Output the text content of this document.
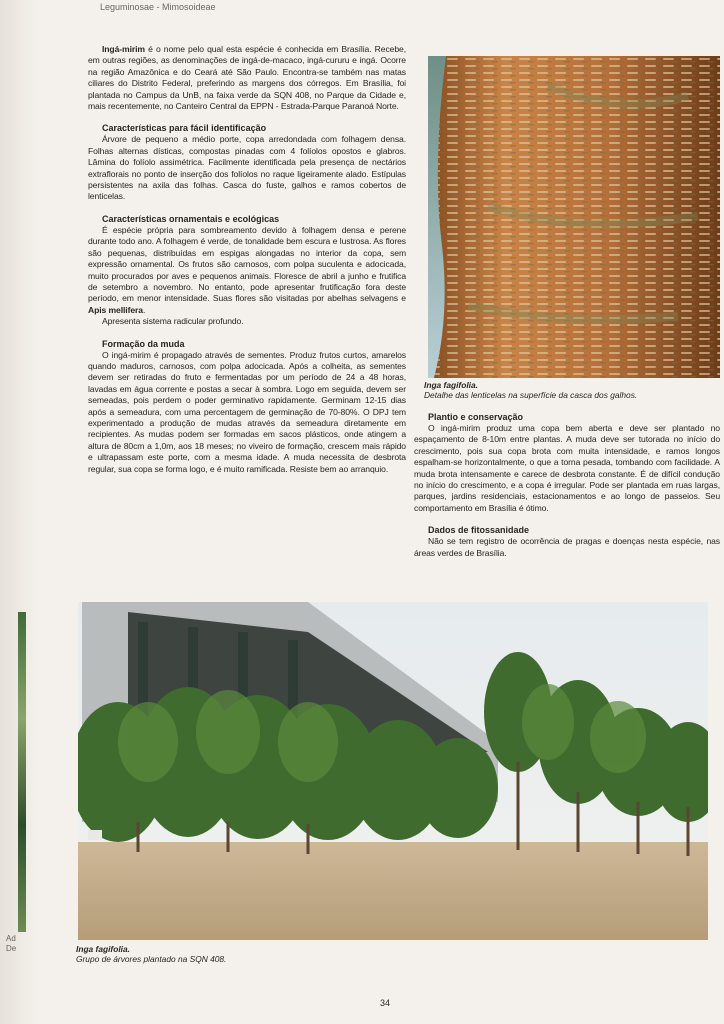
Ad
De
Leguminosae - Mimosoideae

Ingá-mirim é o nome pelo qual esta espécie é conhecida em Brasília. Recebe, em outras regiões, as denominações de ingá-de-macaco, ingá-cururu e ingá. Ocorre na região Amazônica e do Ceará até São Paulo. Encontra-se também nas matas ciliares do Distrito Federal, preferindo as margens dos córregos. Em Brasília, foi plantada no Campus da UnB, na faixa verde da SQN 408, no Parque da Cidade e, mais recentemente, no Canteiro Central da EPPN - Estrada-Parque Paranoá Norte.

Características para fácil identificação

Árvore de pequeno a médio porte, copa arredondada com folhagem densa. Folhas alternas dísticas, compostas pinadas com 4 folíolos opostos e glabros. Lâmina do folíolo assimétrica. Facilmente identificada pela presença de nectários extraflorais no ponto de inserção dos folíolos no raque ligeiramente alado. Estípulas persistentes na axila das folhas. Casca do fuste, galhos e ramos cobertos de lenticelas.

Características ornamentais e ecológicas

É espécie própria para sombreamento devido à folhagem densa e perene durante todo ano. A folhagem é verde, de tonalidade bem escura e lustrosa. As flores são pequenas, distribuídas em espigas alongadas no interior da copa, sem expressão ornamental. Os frutos são carnosos, com polpa suculenta e adocicada, muito procurados por aves e pequenos animais. Floresce de abril a junho e frutifica de setembro a novembro. No entanto, pode apresentar frutificação fora deste período, em menor intensidade. Suas flores são visitadas por abelhas selvagens e Apis mellifera.

Apresenta sistema radicular profundo.

Formação da muda

O ingá-mirim é propagado através de sementes. Produz frutos curtos, amarelos quando maduros, carnosos, com polpa adocicada. Após a colheita, as sementes devem ser retiradas do fruto e fermentadas por um período de 24 a 48 horas, lavadas em água corrente e postas a secar à sombra. Logo em seguida, devem ser semeadas, pois perdem o poder germinativo rapidamente. Germinam 12-15 dias após a semeadura, com uma percentagem de germinação de 70-80%. O DPJ tem experimentado a produção de mudas através da semeadura diretamente em recipientes. As mudas podem ser formadas em sacos plásticos, onde atingem a altura de 80cm a 1,0m, aos 18 meses; no viveiro de formação, crescem mais rápido e ultrapassam este porte, com a mesma idade. A muda necessita de desbrota regular, sua copa se forma logo, e é muito ramificada. Resiste bem ao arranquio.

Inga fagifolia.
Detalhe das lenticelas na superfície da casca dos galhos.
Plantio e conservação

O ingá-mirim produz uma copa bem aberta e deve ser plantado no espaçamento de 8-10m entre plantas. A muda deve ser tutorada no início do crescimento, pois sua copa brota com muita intensidade, e ramos longos espalham-se horizontalmente, o que a torna pesada, tombando com facilidade. A muda brota intensamente e carece de desbrota constante. É de difícil condução no início do crescimento, e a copa é irregular. Pode ser plantada em ruas largas, parques, jardins residenciais, estacionamentos e ao longo de passeios. Seu comportamento em Brasília é ótimo.

Dados de fitossanidade

Não se tem registro de ocorrência de pragas e doenças nesta espécie, nas áreas verdes de Brasília.

Inga fagifolia.
Grupo de árvores plantado na SQN 408.
34
